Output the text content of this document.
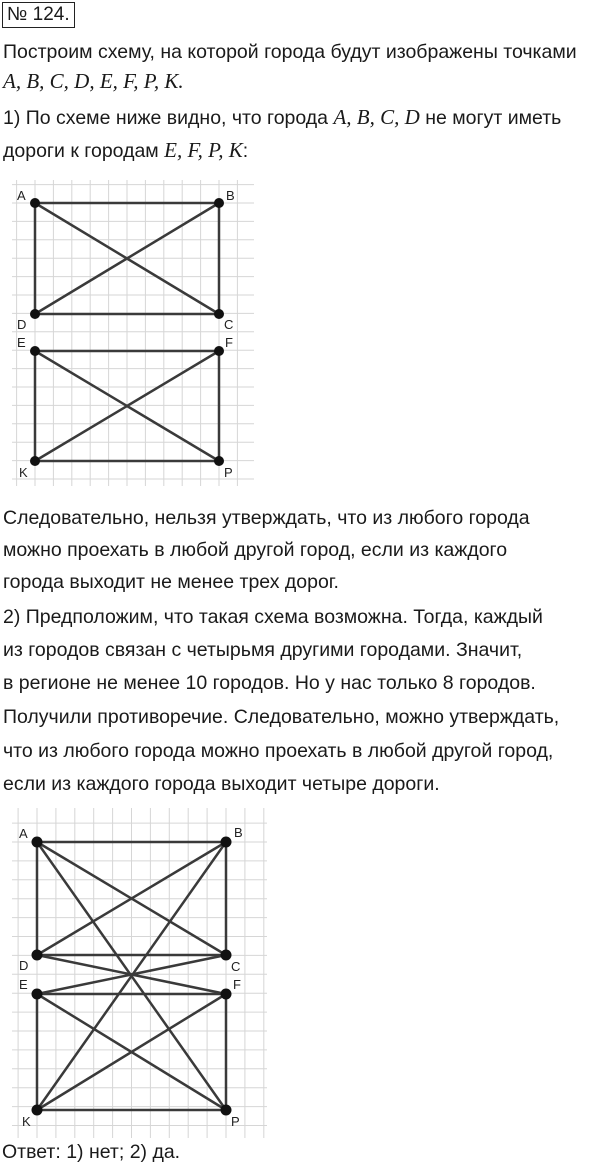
№ 124.
Построим схему, на которой города будут изображены точками
A, B, C, D, E, F, P, K.
1) По схеме ниже видно, что города A, B, C, D не могут иметь
дороги к городам E, F, P, K:
A	B
C
D
E	F
P
K
Следовательно, нельзя утверждать, что из любого города
можно проехать в любой другой город, если из каждого
города выходит не менее трех дорог.
2) Предположим, что такая схема возможна. Тогда, каждый
из городов связан с четырьмя другими городами. Значит,
в регионе не менее 10 городов. Но у нас только 8 городов.
Получили противоречие. Следовательно, можно утверждать,
что из любого города можно проехать в любой другой город,
если из каждого города выходит четыре дороги.
A	B
C
D
E	F
P
K
Ответ: 1) нет; 2) да.
